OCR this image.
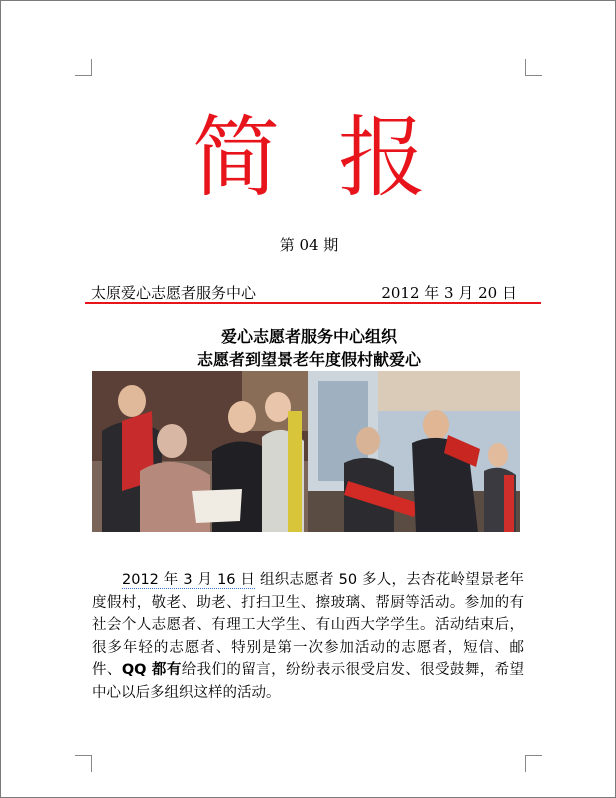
简报
第 04 期
太原爱心志愿者服务中心	2012 年 3 月 20 日
爱心志愿者服务中心组织
志愿者到望景老年度假村献爱心
2012 年 3 月 16 日 组织志愿者 50 多人，去杏花岭望景老年度假村，敬老、助老、打扫卫生、擦玻璃、帮厨等活动。参加的有社会个人志愿者、有理工大学生、有山西大学学生。活动结束后，很多年轻的志愿者、特别是第一次参加活动的志愿者，短信、邮件、QQ 都有给我们的留言，纷纷表示很受启发、很受鼓舞，希望中心以后多组织这样的活动。
